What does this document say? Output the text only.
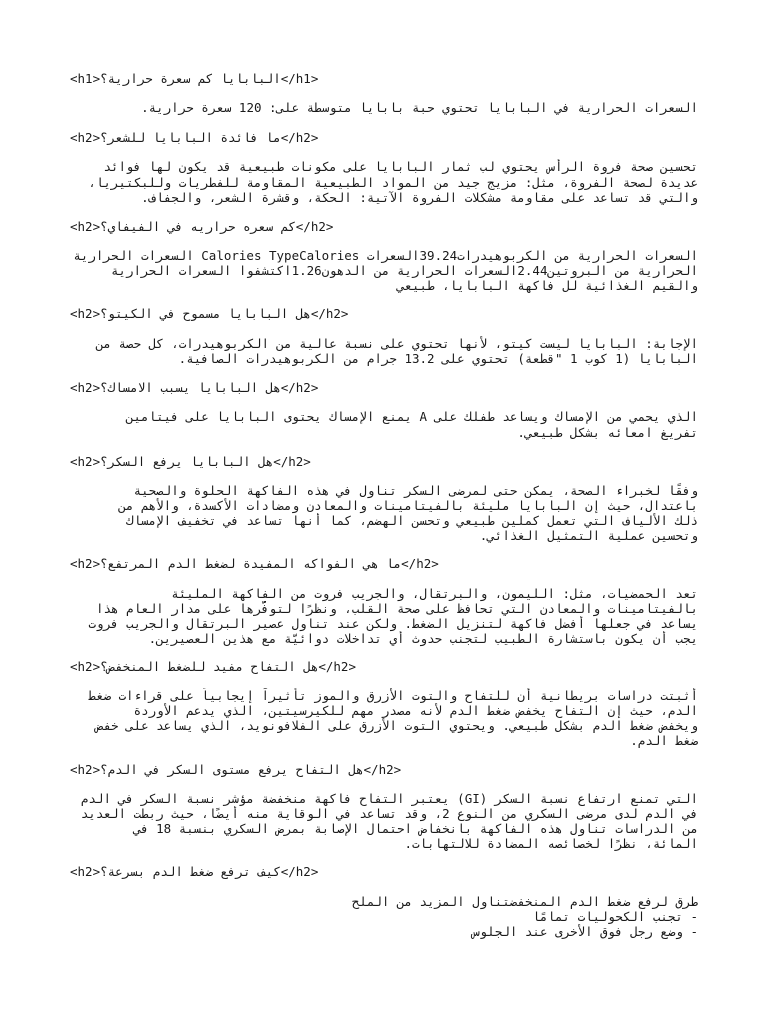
<h1>البابايا كم سعرة حرارية؟</h1>
السعرات الحرارية في البابايا تحتوي حبة بابايا متوسطة على: 120 سعرة حرارية.
<h2>ما فائدة البابايا للشعر؟</h2>
تحسين صحة فروة الرأس يحتوي لب ثمار البابايا على مكونات طبيعية قد يكون لها فوائد
عديدة لصحة الفروة، مثل: مزيج جيد من المواد الطبيعية المقاومة للفطريات وللبكتيريا،
والتي قد تساعد على مقاومة مشكلات الفروة الآتية: الحكة، وقشرة الشعر، والجفاف.
<h2>كم سعره حراريه في الفيفاي؟</h2>
السعرات الحرارية من الكربوهيدرات39.24السعرات Calories TypeCalories السعرات الحرارية
الحرارية من البروتين2.44السعرات الحرارية من الدهون1.26اكتشفوا السعرات الحرارية
والقيم الغذائية لل فاكهة البابايا، طبيعي
<h2>هل البابايا مسموح في الكيتو؟</h2>
الإجابة: البابايا ليست كيتو، لأنها تحتوي على نسبة عالية من الكربوهيدرات، كل حصة من
البابايا (1 كوب 1 "قطعة) تحتوي على 13.2 جرام من الكربوهيدرات الصافية.
<h2>هل البابايا يسبب الامساك؟</h2>
الذي يحمي من الإمساك ويساعد طفلك على A يمنع الإمساك يحتوى البابايا على فيتامين
تفريغ امعائه بشكل طبيعي.
<h2>هل البابايا يرفع السكر؟</h2>
وفقًا لخبراء الصحة، يمكن حتى لمرضى السكر تناول في هذه الفاكهة الحلوة والصحية
باعتدال، حيث إن البابايا مليئة بالفيتامينات والمعادن ومضادات الأكسدة، والأهم من
ذلك الألياف التي تعمل كملين طبيعي وتحسن الهضم، كما أنها تساعد في تخفيف الإمساك
وتحسين عملية التمثيل الغذائي.
<h2>ما هي الفواكه المفيدة لضغط الدم المرتفع؟</h2>
تعد الحمضيات، مثل: الليمون، والبرتقال، والجريب فروت من الفاكهة المليئة
بالفيتامينات والمعادن التي تحافظ على صحة القلب، ونظرًا لتوفُّرها على مدار العام هذا
يساعد في جعلها أفضل فاكهة لتنزيل الضغط. ولكن عند تناول عصير البرتقال والجريب فروت
يجب أن يكون باستشارة الطبيب لتجنب حدوث أي تداخلات دوائيّة مع هذين العصيرين.
<h2>هل التفاح مفيد للضغط المنخفض؟</h2>
أثبتت دراسات بريطانية أن للتفاح والتوت الأزرق والموز تأثيراً إيجابياً على قراءات ضغط
الدم، حيث إن التفاح يخفض ضغط الدم لأنه مصدر مهم للكيرسيتين، الذي يدعم الأوردة
ويخفض ضغط الدم بشكل طبيعي. ويحتوي التوت الأزرق على الفلافونويد، الذي يساعد على خفض
ضغط الدم.
<h2>هل التفاح يرفع مستوى السكر في الدم؟</h2>
التي تمنع ارتفاع نسبة السكر (GI) يعتبر التفاح فاكهة منخفضة مؤشر نسبة السكر في الدم
في الدم لدى مرضى السكري من النوع 2، وقد تساعد في الوقاية منه أيضًا، حيث ربطت العديد
من الدراسات تناول هذه الفاكهة بانخفاض احتمال الإصابة بمرض السكري بنسبة 18 في
المائة، نظرًا لخصائصه المضادة للالتهابات.
<h2>كيف ترفع ضغط الدم بسرعة؟</h2>
طرق لرفع ضغط الدم المنخفضتناول المزيد من الملح
- تجنب الكحوليات تمامًا
- وضع رجل فوق الأخرى عند الجلوس
